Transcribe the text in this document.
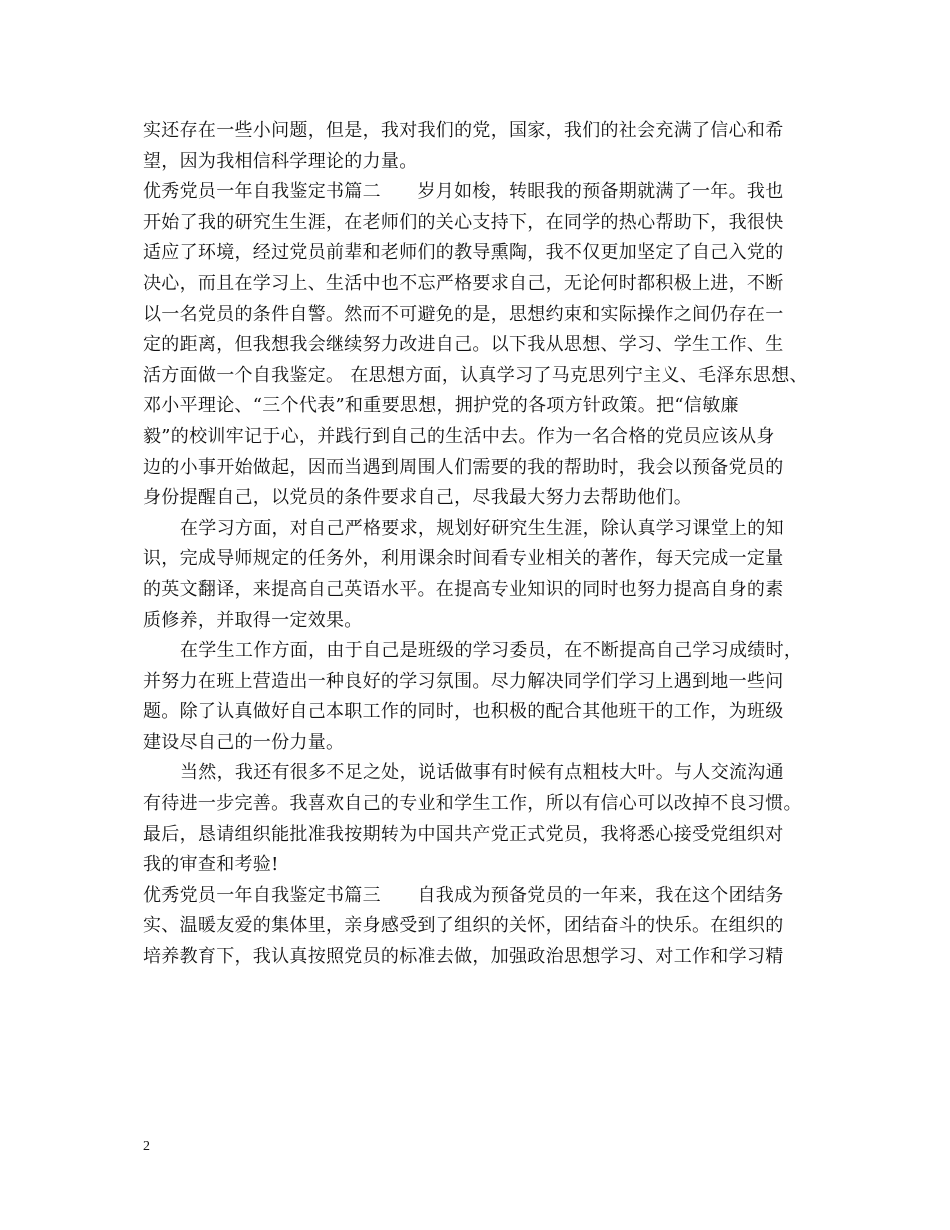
实还存在一些小问题，但是，我对我们的党，国家，我们的社会充满了信心和希
望，因为我相信科学理论的力量。
优秀党员一年自我鉴定书篇二　　岁月如梭，转眼我的预备期就满了一年。我也
开始了我的研究生生涯，在老师们的关心支持下，在同学的热心帮助下，我很快
适应了环境，经过党员前辈和老师们的教导熏陶，我不仅更加坚定了自己入党的
决心，而且在学习上、生活中也不忘严格要求自己，无论何时都积极上进，不断
以一名党员的条件自警。然而不可避免的是，思想约束和实际操作之间仍存在一
定的距离，但我想我会继续努力改进自己。以下我从思想、学习、学生工作、生
活方面做一个自我鉴定。 在思想方面，认真学习了马克思列宁主义、毛泽东思想、
邓小平理论、“三个代表”和重要思想，拥护党的各项方针政策。把“信敏廉
毅”的校训牢记于心，并践行到自己的生活中去。作为一名合格的党员应该从身
边的小事开始做起，因而当遇到周围人们需要的我的帮助时，我会以预备党员的
身份提醒自己，以党员的条件要求自己，尽我最大努力去帮助他们。
在学习方面，对自己严格要求，规划好研究生生涯，除认真学习课堂上的知
识，完成导师规定的任务外，利用课余时间看专业相关的著作，每天完成一定量
的英文翻译，来提高自己英语水平。在提高专业知识的同时也努力提高自身的素
质修养，并取得一定效果。
在学生工作方面，由于自己是班级的学习委员，在不断提高自己学习成绩时，
并努力在班上营造出一种良好的学习氛围。尽力解决同学们学习上遇到地一些问
题。除了认真做好自己本职工作的同时，也积极的配合其他班干的工作，为班级
建设尽自己的一份力量。
当然，我还有很多不足之处，说话做事有时候有点粗枝大叶。与人交流沟通
有待进一步完善。我喜欢自己的专业和学生工作，所以有信心可以改掉不良习惯。
最后，恳请组织能批准我按期转为中国共产党正式党员，我将悉心接受党组织对
我的审查和考验!
优秀党员一年自我鉴定书篇三　　自我成为预备党员的一年来，我在这个团结务
实、温暖友爱的集体里，亲身感受到了组织的关怀，团结奋斗的快乐。在组织的
培养教育下，我认真按照党员的标准去做，加强政治思想学习、对工作和学习精
2
